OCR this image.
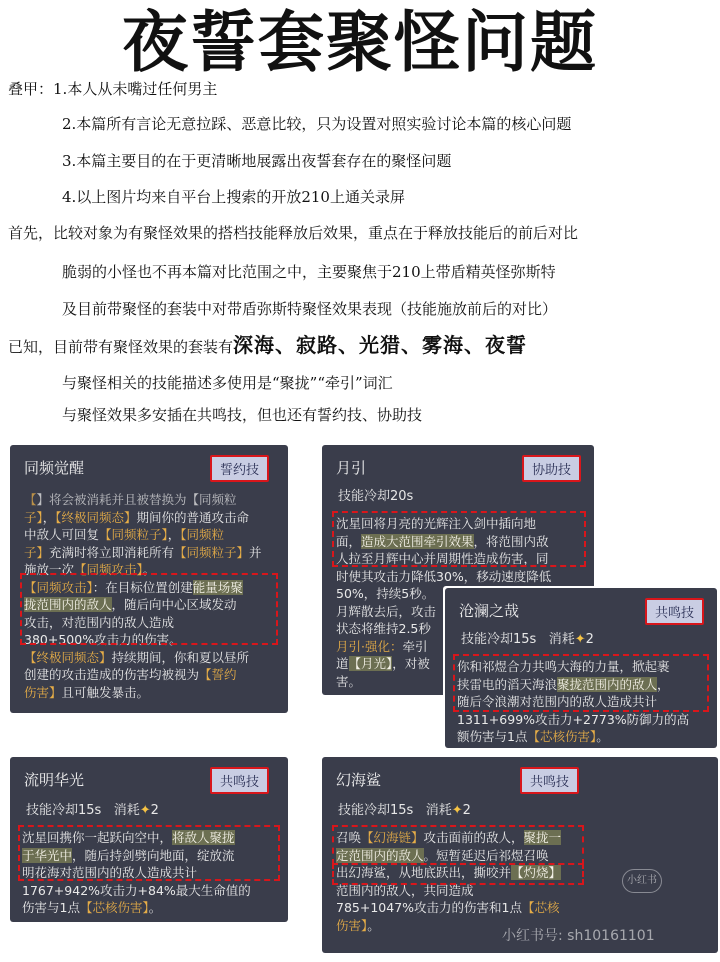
夜誓套聚怪问题
叠甲：1.本人从未嘴过任何男主
2.本篇所有言论无意拉踩、恶意比较，只为设置对照实验讨论本篇的核心问题
3.本篇主要目的在于更清晰地展露出夜誓套存在的聚怪问题
4.以上图片均来自平台上搜索的开放210上通关录屏
首先，比较对象为有聚怪效果的搭档技能释放后效果，重点在于释放技能后的前后对比
脆弱的小怪也不再本篇对比范围之中，主要聚焦于210上带盾精英怪弥斯特
及目前带聚怪的套装中对带盾弥斯特聚怪效果表现（技能施放前后的对比）
已知，目前带有聚怪效果的套装有深海、寂路、光猎、雾海、夜誓
与聚怪相关的技能描述多使用是“聚拢”“牵引”词汇
与聚怪效果多安插在共鸣技，但也还有誓约技、协助技
同频觉醒	誓约技
【】将会被消耗并且被替换为【同频粒
子】，【终极同频态】期间你的普通攻击命
中敌人可回复【同频粒子】，【同频粒
子】充满时将立即消耗所有【同频粒子】并
施放一次【同频攻击】。
【同频攻击】：在目标位置创建能量场聚
拢范围内的敌人，随后向中心区域发动
攻击，对范围内的敌人造成
380+500%攻击力的伤害。
【终极同频态】持续期间，你和夏以昼所
创建的攻击造成的伤害均被视为【誓约
伤害】且可触发暴击。
月引	协助技
技能冷却20s
沈星回将月亮的光辉注入剑中插向地
面，造成大范围牵引效果，将范围内敌
人拉至月辉中心并周期性造成伤害，同
时使其攻击力降低30%，移动速度降低
50%，持续5秒。
月辉散去后，攻击
状态将维持2.5秒
月引·强化：牵引
道【月光】，对被
害。
沧澜之哉	共鸣技
技能冷却15s 消耗✦2
你和祁煜合力共鸣大海的力量，掀起裹
挟雷电的滔天海浪聚拢范围内的敌人，
随后令浪潮对范围内的敌人造成共计
1311+699%攻击力+2773%防御力的高
额伤害与1点【芯核伤害】。
流明华光	共鸣技
技能冷却15s 消耗✦2
沈星回携你一起跃向空中，将敌人聚拢
于华光中，随后持剑劈向地面，绽放流
明花海对范围内的敌人造成共计
1767+942%攻击力+84%最大生命值的
伤害与1点【芯核伤害】。
幻海鲨	共鸣技
技能冷却15s 消耗✦2
召唤【幻海链】攻击面前的敌人，聚拢一
定范围内的敌人。短暂延迟后祁煜召唤
出幻海鲨，从地底跃出，撕咬并【灼烧】
范围内的敌人，共同造成
785+1047%攻击力的伤害和1点【芯核
伤害】。
小红书
小红书号: sh10161101
